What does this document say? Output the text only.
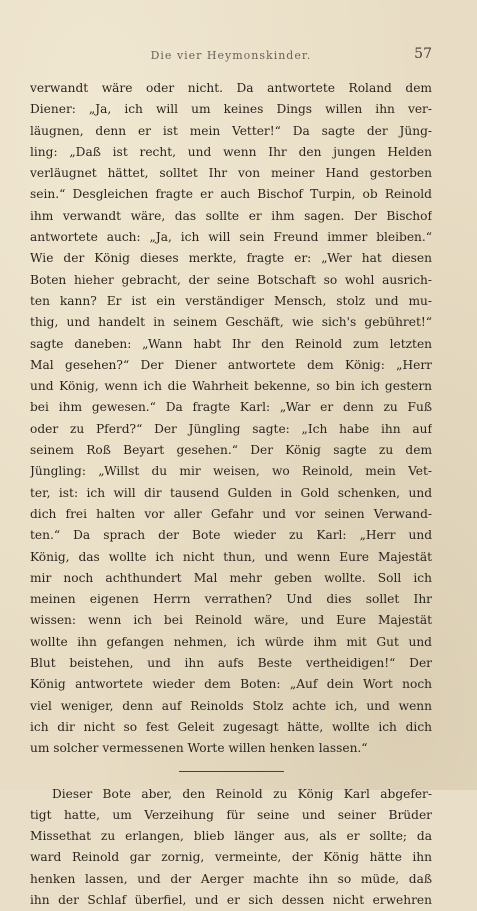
Die vier Heymonskinder.	57
verwandt wäre oder nicht. Da antwortete Roland dem
Diener: „Ja, ich will um keines Dings willen ihn ver-
läugnen, denn er ist mein Vetter!“ Da sagte der Jüng-
ling: „Daß ist recht, und wenn Ihr den jungen Helden
verläugnet hättet, solltet Ihr von meiner Hand gestorben
sein.“ Desgleichen fragte er auch Bischof Turpin, ob Reinold
ihm verwandt wäre, das sollte er ihm sagen. Der Bischof
antwortete auch: „Ja, ich will sein Freund immer bleiben.“
Wie der König dieses merkte, fragte er: „Wer hat diesen
Boten hieher gebracht, der seine Botschaft so wohl ausrich-
ten kann? Er ist ein verständiger Mensch, stolz und mu-
thig, und handelt in seinem Geschäft, wie sich's gebühret!“
sagte daneben: „Wann habt Ihr den Reinold zum letzten
Mal gesehen?“ Der Diener antwortete dem König: „Herr
und König, wenn ich die Wahrheit bekenne, so bin ich gestern
bei ihm gewesen.“ Da fragte Karl: „War er denn zu Fuß
oder zu Pferd?“ Der Jüngling sagte: „Ich habe ihn auf
seinem Roß Beyart gesehen.“ Der König sagte zu dem
Jüngling: „Willst du mir weisen, wo Reinold, mein Vet-
ter, ist: ich will dir tausend Gulden in Gold schenken, und
dich frei halten vor aller Gefahr und vor seinen Verwand-
ten.“ Da sprach der Bote wieder zu Karl: „Herr und
König, das wollte ich nicht thun, und wenn Eure Majestät
mir noch achthundert Mal mehr geben wollte. Soll ich
meinen eigenen Herrn verrathen? Und dies sollet Ihr
wissen: wenn ich bei Reinold wäre, und Eure Majestät
wollte ihn gefangen nehmen, ich würde ihm mit Gut und
Blut beistehen, und ihn aufs Beste vertheidigen!“ Der
König antwortete wieder dem Boten: „Auf dein Wort noch
viel weniger, denn auf Reinolds Stolz achte ich, und wenn
ich dir nicht so fest Geleit zugesagt hätte, wollte ich dich
um solcher vermessenen Worte willen henken lassen.“
Dieser Bote aber, den Reinold zu König Karl abgefer-
tigt hatte, um Verzeihung für seine und seiner Brüder
Missethat zu erlangen, blieb länger aus, als er sollte; da
ward Reinold gar zornig, vermeinte, der König hätte ihn
henken lassen, und der Aerger machte ihn so müde, daß
ihn der Schlaf überfiel, und er sich dessen nicht erwehren
